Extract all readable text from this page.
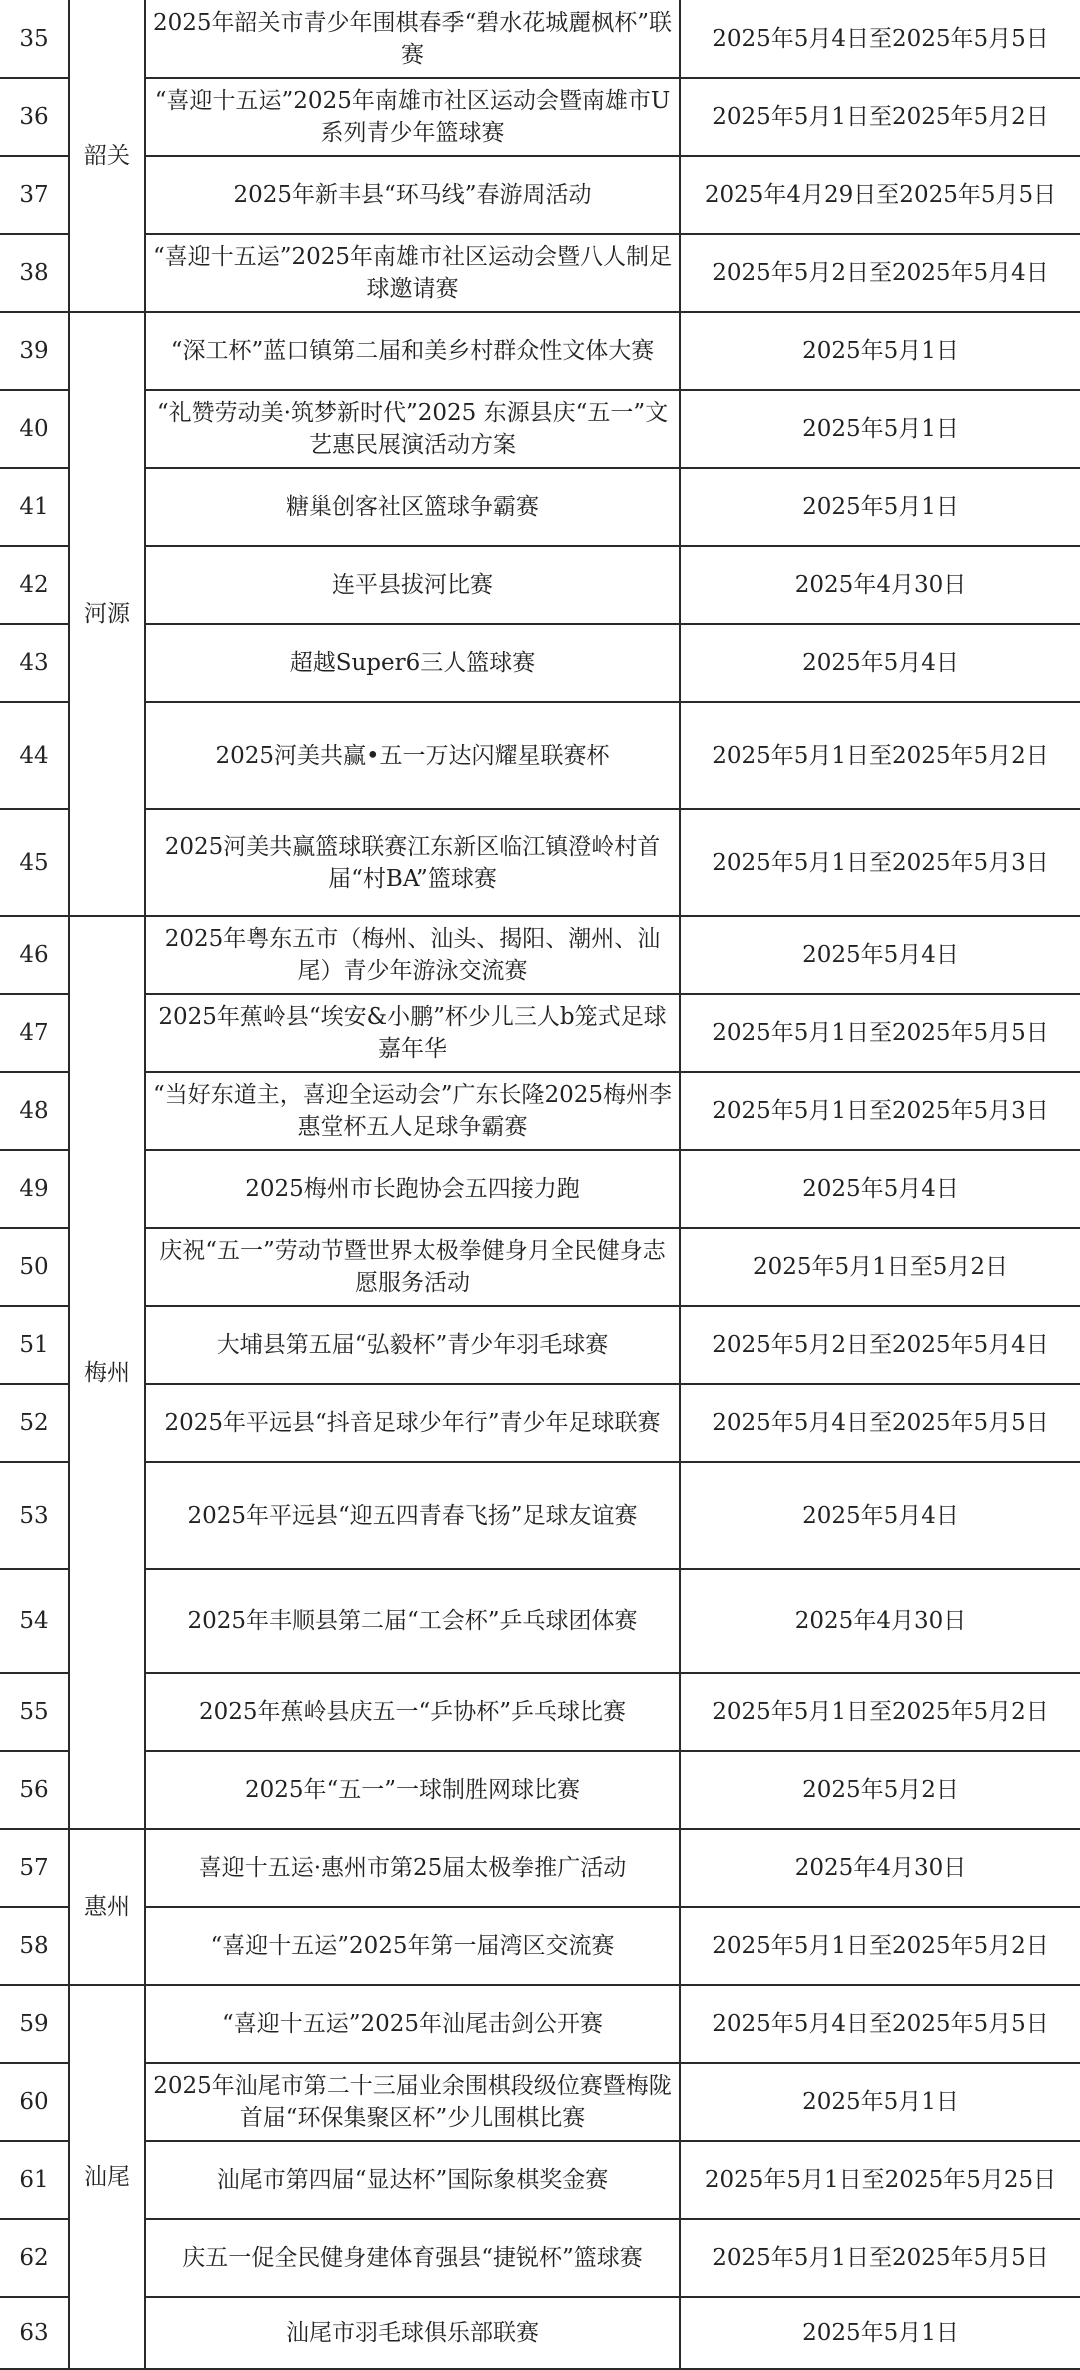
35	韶关	2025年韶关市青少年围棋春季“碧水花城麗枫杯”联赛	2025年5月4日至2025年5月5日
36		“喜迎十五运”2025年南雄市社区运动会暨南雄市U系列青少年篮球赛	2025年5月1日至2025年5月2日
37		2025年新丰县“环马线”春游周活动	2025年4月29日至2025年5月5日
38		“喜迎十五运”2025年南雄市社区运动会暨八人制足球邀请赛	2025年5月2日至2025年5月4日
39	河源	“深工杯”蓝口镇第二届和美乡村群众性文体大赛	2025年5月1日
40		“礼赞劳动美·筑梦新时代”2025 东源县庆“五一”文艺惠民展演活动方案	2025年5月1日
41		糖巢创客社区篮球争霸赛	2025年5月1日
42		连平县拔河比赛	2025年4月30日
43		超越Super6三人篮球赛	2025年5月4日
44		2025河美共赢•五一万达闪耀星联赛杯	2025年5月1日至2025年5月2日
45		2025河美共赢篮球联赛江东新区临江镇澄岭村首届“村BA”篮球赛	2025年5月1日至2025年5月3日
46	梅州	2025年粤东五市（梅州、汕头、揭阳、潮州、汕尾）青少年游泳交流赛	2025年5月4日
47		2025年蕉岭县“埃安&小鹏”杯少儿三人b笼式足球嘉年华	2025年5月1日至2025年5月5日
48		“当好东道主，喜迎全运动会”广东长隆2025梅州李惠堂杯五人足球争霸赛	2025年5月1日至2025年5月3日
49		2025梅州市长跑协会五四接力跑	2025年5月4日
50		庆祝“五一”劳动节暨世界太极拳健身月全民健身志愿服务活动	2025年5月1日至5月2日
51		大埔县第五届“弘毅杯”青少年羽毛球赛	2025年5月2日至2025年5月4日
52		2025年平远县“抖音足球少年行”青少年足球联赛	2025年5月4日至2025年5月5日
53		2025年平远县“迎五四青春飞扬”足球友谊赛	2025年5月4日
54		2025年丰顺县第二届“工会杯”乒乓球团体赛	2025年4月30日
55		2025年蕉岭县庆五一“乒协杯”乒乓球比赛	2025年5月1日至2025年5月2日
56		2025年“五一”一球制胜网球比赛	2025年5月2日
57	惠州	喜迎十五运·惠州市第25届太极拳推广活动	2025年4月30日
58		“喜迎十五运”2025年第一届湾区交流赛	2025年5月1日至2025年5月2日
59	汕尾	“喜迎十五运”2025年汕尾击剑公开赛	2025年5月4日至2025年5月5日
60		2025年汕尾市第二十三届业余围棋段级位赛暨梅陇首届“环保集聚区杯”少儿围棋比赛	2025年5月1日
61		汕尾市第四届“显达杯”国际象棋奖金赛	2025年5月1日至2025年5月25日
62		庆五一促全民健身建体育强县“捷锐杯”篮球赛	2025年5月1日至2025年5月5日
63		汕尾市羽毛球俱乐部联赛	2025年5月1日
